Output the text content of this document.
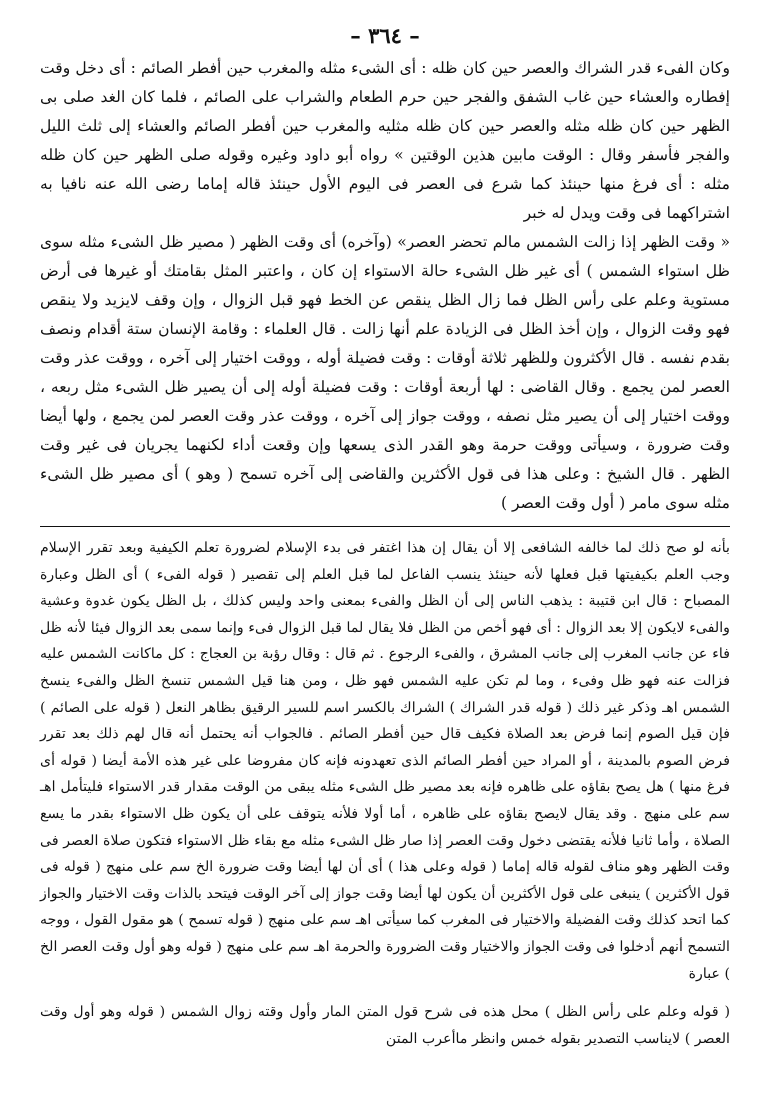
– ٣٦٤ –

وكان الفىء قدر الشراك والعصر حين كان ظله : أى الشىء مثله والمغرب حين أفطر الصائم : أى دخل وقت إفطاره والعشاء حين غاب الشفق والفجر حين حرم الطعام والشراب على الصائم ، فلما كان الغد صلى بى الظهر حين كان ظله مثله والعصر حين كان ظله مثليه والمغرب حين أفطر الصائم والعشاء إلى ثلث الليل والفجر فأسفر وقال : الوقت مابين هذين الوقتين » رواه أبو داود وغيره وقوله صلى الظهر حين كان ظله مثله : أى فرغ منها حينئذ كما شرع فى العصر فى اليوم الأول حينئذ قاله إماما رضى الله عنه نافيا به اشتراكهما فى وقت ويدل له خبر

« وقت الظهر إذا زالت الشمس مالم تحضر العصر» (وآخره) أى وقت الظهر ( مصير ظل الشىء مثله سوى ظل استواء الشمس ) أى غير ظل الشىء حالة الاستواء إن كان ، واعتبر المثل بقامتك أو غيرها فى أرض مستوية وعلم على رأس الظل فما زال الظل ينقص عن الخط فهو قبل الزوال ، وإن وقف لايزيد ولا ينقص فهو وقت الزوال ، وإن أخذ الظل فى الزيادة علم أنها زالت . قال العلماء : وقامة الإنسان ستة أقدام ونصف بقدم نفسه . قال الأكثرون وللظهر ثلاثة أوقات : وقت فضيلة أوله ، ووقت اختيار إلى آخره ، ووقت عذر وقت العصر لمن يجمع . وقال القاضى : لها أربعة أوقات : وقت فضيلة أوله إلى أن يصير ظل الشىء مثل ربعه ، ووقت اختيار إلى أن يصير مثل نصفه ، ووقت جواز إلى آخره ، ووقت عذر وقت العصر لمن يجمع ، ولها أيضا وقت ضرورة ، وسيأتى ووقت حرمة وهو القدر الذى يسعها وإن وقعت أداء لكنهما يجريان فى غير وقت الظهر . قال الشيخ : وعلى هذا فى قول الأكثرين والقاضى إلى آخره تسمح ( وهو ) أى مصير ظل الشىء مثله سوى مامر ( أول وقت العصر )

بأنه لو صح ذلك لما خالفه الشافعى إلا أن يقال إن هذا اغتفر فى بدء الإسلام لضرورة تعلم الكيفية وبعد تقرر الإسلام وجب العلم بكيفيتها قبل فعلها لأنه حينئذ ينسب الفاعل لما قبل العلم إلى تقصير ( قوله الفىء ) أى الظل وعبارة المصباح : قال ابن قتيبة : يذهب الناس إلى أن الظل والفىء بمعنى واحد وليس كذلك ، بل الظل يكون غدوة وعشية والفىء لايكون إلا بعد الزوال : أى فهو أخص من الظل فلا يقال لما قبل الزوال فىء وإنما سمى بعد الزوال فيئا لأنه ظل فاء عن جانب المغرب إلى جانب المشرق ، والفىء الرجوع . ثم قال : وقال رؤبة بن العجاج : كل ماكانت الشمس عليه فزالت عنه فهو ظل وفىء ، وما لم تكن عليه الشمس فهو ظل ، ومن هنا قيل الشمس تنسخ الظل والفىء ينسخ الشمس اهـ وذكر غير ذلك ( قوله قدر الشراك ) الشراك بالكسر اسم للسير الرقيق بظاهر النعل ( قوله على الصائم ) فإن قيل الصوم إنما فرض بعد الصلاة فكيف قال حين أفطر الصائم . فالجواب أنه يحتمل أنه قال لهم ذلك بعد تقرر فرض الصوم بالمدينة ، أو المراد حين أفطر الصائم الذى تعهدونه فإنه كان مفروضا على غير هذه الأمة أيضا ( قوله أى فرغ منها ) هل يصح بقاؤه على ظاهره فإنه بعد مصير ظل الشىء مثله يبقى من الوقت مقدار قدر الاستواء فليتأمل اهـ سم على منهج . وقد يقال لايصح بقاؤه على ظاهره ، أما أولا فلأنه يتوقف على أن يكون ظل الاستواء بقدر ما يسع الصلاة ، وأما ثانيا فلأنه يقتضى دخول وقت العصر إذا صار ظل الشىء مثله مع بقاء ظل الاستواء فتكون صلاة العصر فى وقت الظهر وهو مناف لقوله قاله إماما ( قوله وعلى هذا ) أى أن لها أيضا وقت ضرورة الخ سم على منهج ( قوله فى قول الأكثرين ) ينبغى على قول الأكثرين أن يكون لها أيضا وقت جواز إلى آخر الوقت فيتحد بالذات وقت الاختيار والجواز كما اتحد كذلك وقت الفضيلة والاختيار فى المغرب كما سيأتى اهـ سم على منهج ( قوله تسمح ) هو مقول القول ، ووجه التسمح أنهم أدخلوا فى وقت الجواز والاختيار وقت الضرورة والحرمة اهـ سم على منهج ( قوله وهو أول وقت العصر الخ ) عبارة

( قوله وعلم على رأس الظل ) محل هذه فى شرح قول المتن المار وأول وقته زوال الشمس ( قوله وهو أول وقت العصر ) لايناسب التصدير بقوله خمس وانظر ماأعرب المتن
